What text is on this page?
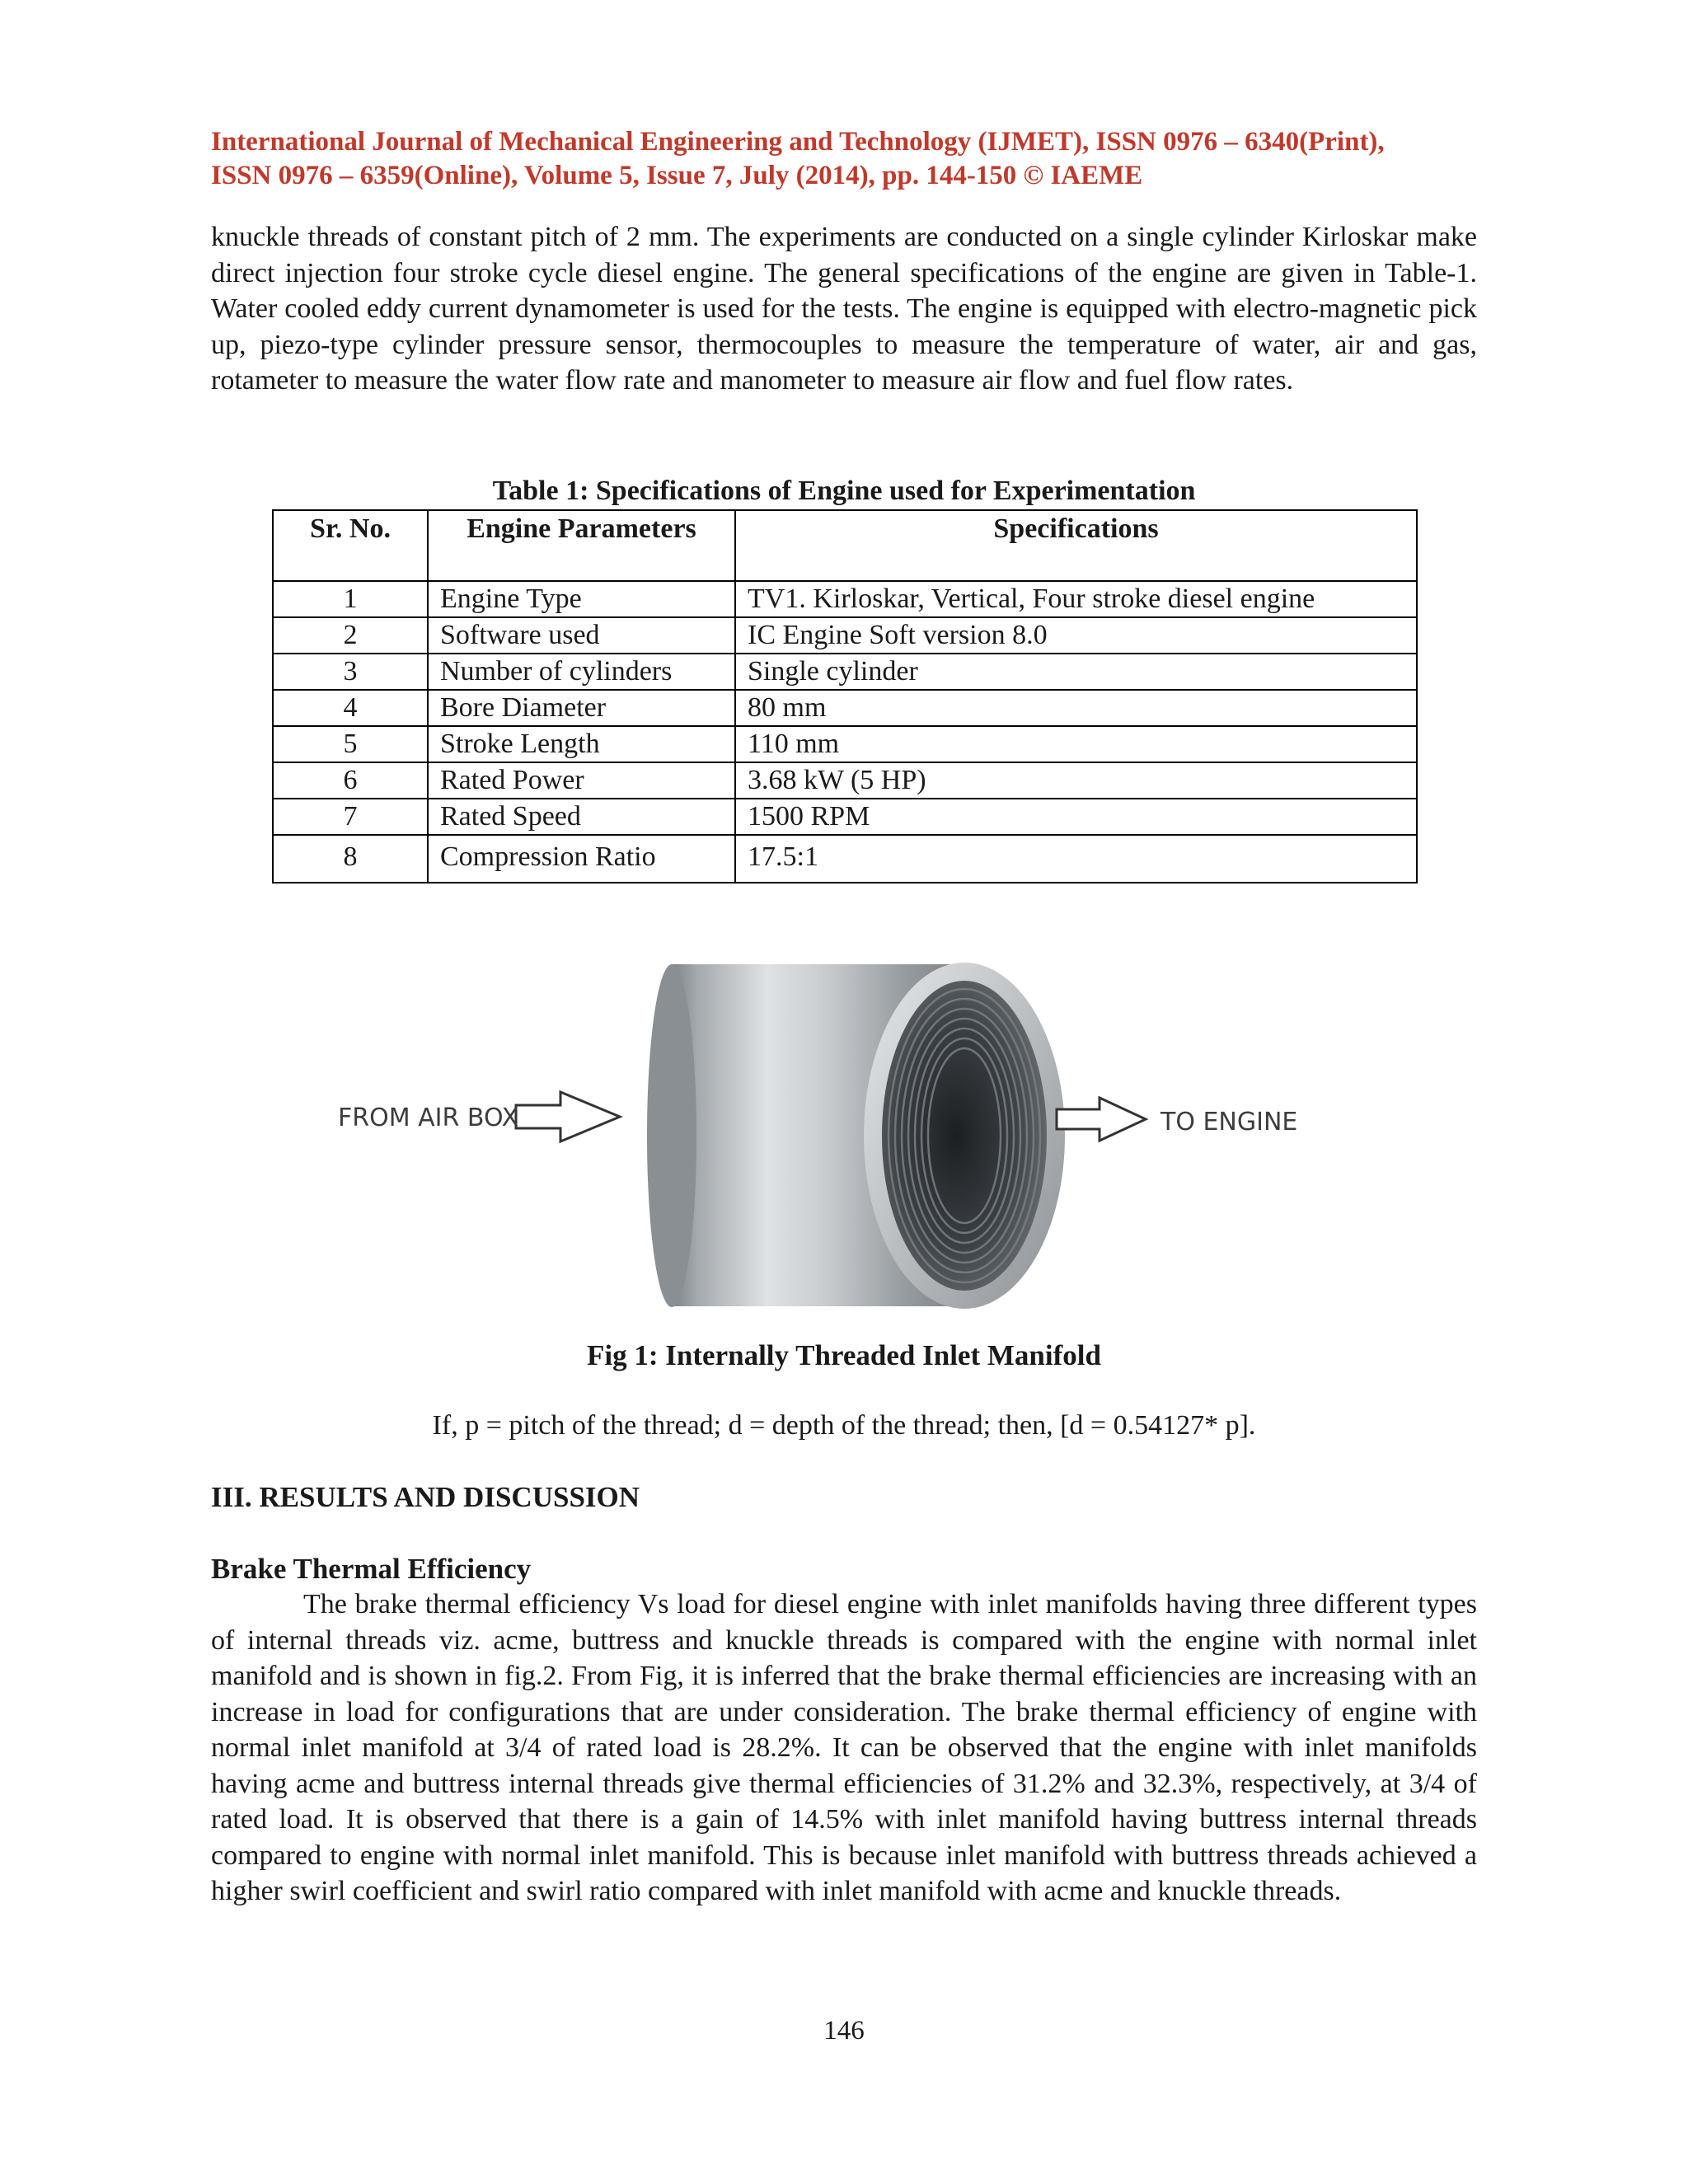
International Journal of Mechanical Engineering and Technology (IJMET), ISSN 0976 – 6340(Print),
ISSN 0976 – 6359(Online), Volume 5, Issue 7, July (2014), pp. 144-150 © IAEME
knuckle threads of constant pitch of 2 mm. The experiments are conducted on a single cylinder Kirloskar make direct injection four stroke cycle diesel engine. The general specifications of the engine are given in Table-1. Water cooled eddy current dynamometer is used for the tests. The engine is equipped with electro-magnetic pick up, piezo-type cylinder pressure sensor, thermocouples to measure the temperature of water, air and gas, rotameter to measure the water flow rate and manometer to measure air flow and fuel flow rates.
Table 1: Specifications of Engine used for Experimentation
Sr. No.	Engine Parameters	Specifications
1	Engine Type	TV1. Kirloskar, Vertical, Four stroke diesel engine
2	Software used	IC Engine Soft version 8.0
3	Number of cylinders	Single cylinder
4	Bore Diameter	80 mm
5	Stroke Length	110 mm
6	Rated Power	3.68 kW (5 HP)
7	Rated Speed	1500 RPM
8	Compression Ratio	17.5:1
FROM AIR BOX	TO ENGINE
Fig 1: Internally Threaded Inlet Manifold
If, p = pitch of the thread; d = depth of the thread; then, [d = 0.54127* p].
III. RESULTS AND DISCUSSION
Brake Thermal Efficiency
The brake thermal efficiency Vs load for diesel engine with inlet manifolds having three different types of internal threads viz. acme, buttress and knuckle threads is compared with the engine with normal inlet manifold and is shown in fig.2. From Fig, it is inferred that the brake thermal efficiencies are increasing with an increase in load for configurations that are under consideration. The brake thermal efficiency of engine with normal inlet manifold at 3/4 of rated load is 28.2%. It can be observed that the engine with inlet manifolds having acme and buttress internal threads give thermal efficiencies of 31.2% and 32.3%, respectively, at 3/4 of rated load. It is observed that there is a gain of 14.5% with inlet manifold having buttress internal threads compared to engine with normal inlet manifold. This is because inlet manifold with buttress threads achieved a higher swirl coefficient and swirl ratio compared with inlet manifold with acme and knuckle threads.
146
